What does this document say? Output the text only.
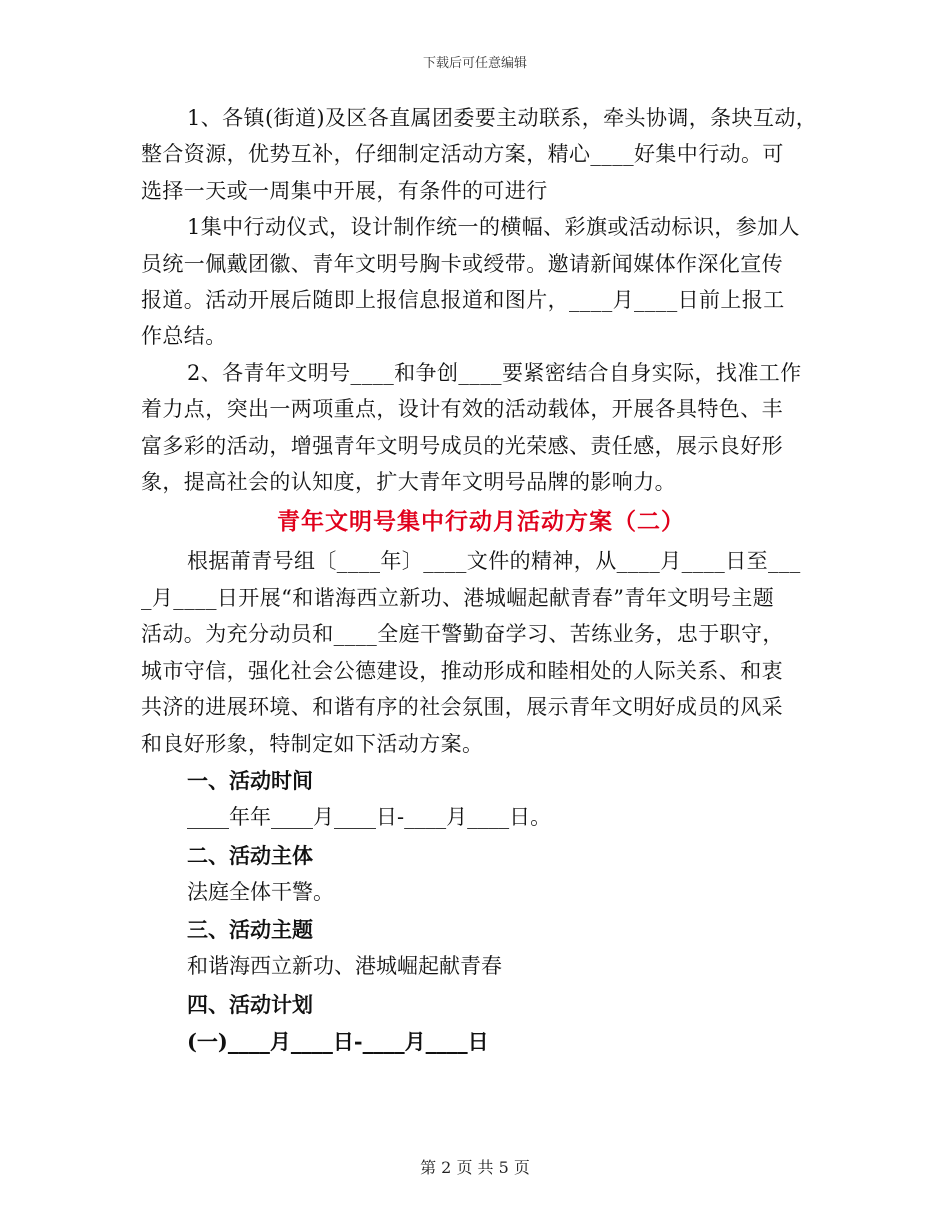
下载后可任意编辑
1、各镇(街道)及区各直属团委要主动联系，牵头协调，条块互动，
整合资源，优势互补，仔细制定活动方案，精心____好集中行动。可
选择一天或一周集中开展，有条件的可进行
1集中行动仪式，设计制作统一的横幅、彩旗或活动标识，参加人
员统一佩戴团徽、青年文明号胸卡或绶带。邀请新闻媒体作深化宣传
报道。活动开展后随即上报信息报道和图片，____月____日前上报工
作总结。
2、各青年文明号____和争创____要紧密结合自身实际，找准工作
着力点，突出一两项重点，设计有效的活动载体，开展各具特色、丰
富多彩的活动，增强青年文明号成员的光荣感、责任感，展示良好形
象，提高社会的认知度，扩大青年文明号品牌的影响力。
青年文明号集中行动月活动方案（二）
根据莆青号组〔____年〕____文件的精神，从____月____日至___
_月____日开展“和谐海西立新功、港城崛起献青春”青年文明号主题
活动。为充分动员和____全庭干警勤奋学习、苦练业务，忠于职守，
城市守信，强化社会公德建设，推动形成和睦相处的人际关系、和衷
共济的进展环境、和谐有序的社会氛围，展示青年文明好成员的风采
和良好形象，特制定如下活动方案。
一、活动时间
____年年____月____日-____月____日。
二、活动主体
法庭全体干警。
三、活动主题
和谐海西立新功、港城崛起献青春
四、活动计划
(一)____月____日-____月____日
第 2 页 共 5 页
